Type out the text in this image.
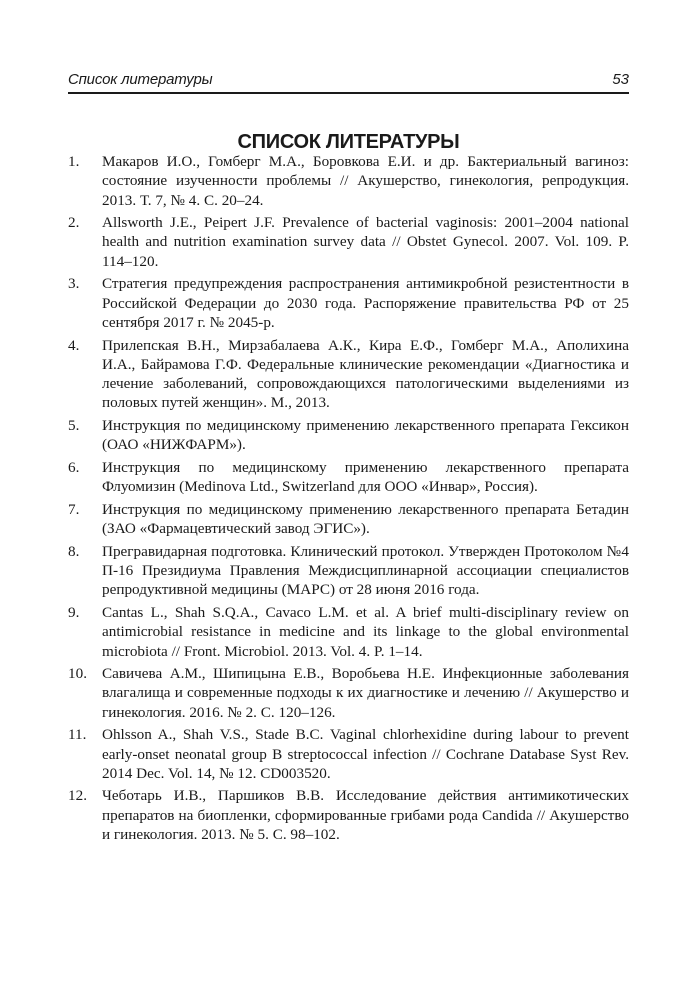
Список литературы	53
СПИСОК ЛИТЕРАТУРЫ
1. Макаров И.О., Гомберг М.А., Боровкова Е.И. и др. Бактериальный вагиноз: состояние изученности проблемы // Акушерство, гинекология, репродукция. 2013. Т. 7, № 4. С. 20–24.
2. Allsworth J.E., Peipert J.F. Prevalence of bacterial vaginosis: 2001–2004 national health and nutrition examination survey data // Obstet Gynecol. 2007. Vol. 109. P. 114–120.
3. Стратегия предупреждения распространения антимикробной резистентности в Российской Федерации до 2030 года. Распоряжение правительства РФ от 25 сентября 2017 г. № 2045-р.
4. Прилепская В.Н., Мирзабалаева А.К., Кира Е.Ф., Гомберг М.А., Аполихина И.А., Байрамова Г.Ф. Федеральные клинические рекомендации «Диагностика и лечение заболеваний, сопровождающихся патологическими выделениями из половых путей женщин». М., 2013.
5. Инструкция по медицинскому применению лекарственного препарата Гексикон (ОАО «НИЖФАРМ»).
6. Инструкция по медицинскому применению лекарственного препарата Флуомизин (Medinova Ltd., Switzerland для ООО «Инвар», Россия).
7. Инструкция по медицинскому применению лекарственного препарата Бетадин (ЗАО «Фармацевтический завод ЭГИС»).
8. Прегравидарная подготовка. Клинический протокол. Утвержден Протоколом №4 П-16 Президиума Правления Междисциплинарной ассоциации специалистов репродуктивной медицины (МАРС) от 28 июня 2016 года.
9. Cantas L., Shah S.Q.A., Cavaco L.M. et al. A brief multi-disciplinary review on antimicrobial resistance in medicine and its linkage to the global environmental microbiota // Front. Microbiol. 2013. Vol. 4. P. 1–14.
10. Савичева А.М., Шипицына Е.В., Воробьева Н.Е. Инфекционные заболевания влагалища и современные подходы к их диагностике и лечению // Акушерство и гинекология. 2016. № 2. С. 120–126.
11. Ohlsson A., Shah V.S., Stade B.C. Vaginal chlorhexidine during labour to prevent early-onset neonatal group B streptococcal infection // Cochrane Database Syst Rev. 2014 Dec. Vol. 14, № 12. CD003520.
12. Чеботарь И.В., Паршиков В.В. Исследование действия антимикотических препаратов на биопленки, сформированные грибами рода Candida // Акушерство и гинекология. 2013. № 5. С. 98–102.
